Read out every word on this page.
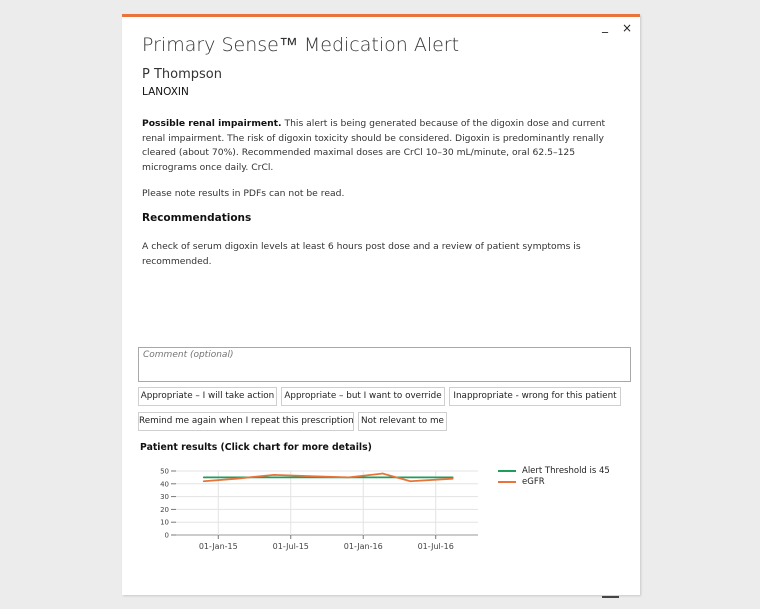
_ ×
Primary Sense™ Medication Alert
P Thompson
LANOXIN
Possible renal impairment. This alert is being generated because of the digoxin dose and current renal impairment. The risk of digoxin toxicity should be considered. Digoxin is predominantly renally cleared (about 70%). Recommended maximal doses are CrCl 10–30 mL/minute, oral 62.5–125 micrograms once daily. CrCl.
Please note results in PDFs can not be read.
Recommendations
A check of serum digoxin levels at least 6 hours post dose and a review of patient symptoms is recommended.
Comment (optional)
Appropriate – I will take action	Appropriate – but I want to override	Inappropriate - wrong for this patient
Remind me again when I repeat this prescription Not relevant to me
Patient results (Click chart for more details)
0
10
20
30
40
50
01-Jan-15	01-Jul-15	01-Jan-16	01-Jul-16
Alert Threshold is 45
eGFR
